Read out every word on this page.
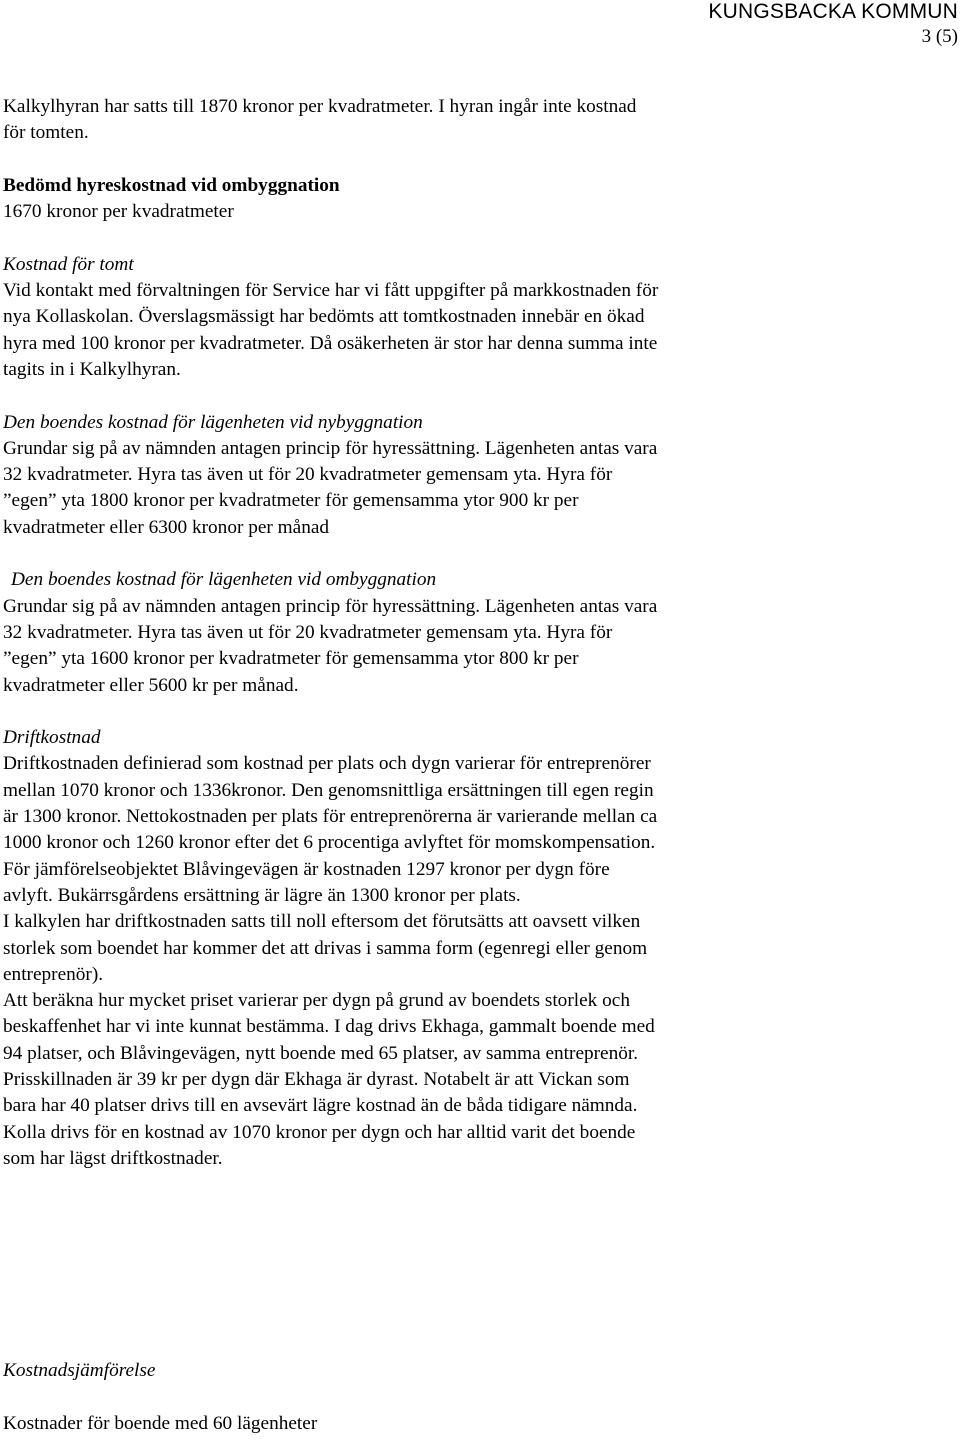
KUNGSBACKA KOMMUN
3 (5)

Kalkylhyran har satts till 1870 kronor per kvadratmeter. I hyran ingår inte kostnad

för tomten.

Bedömd hyreskostnad vid ombyggnation

1670 kronor per kvadratmeter

Kostnad för tomt

Vid kontakt med förvaltningen för Service har vi fått uppgifter på markkostnaden för

nya Kollaskolan. Överslagsmässigt har bedömts att tomtkostnaden innebär en ökad

hyra med 100 kronor per kvadratmeter. Då osäkerheten är stor har denna summa inte

tagits in i Kalkylhyran.

Den boendes kostnad för lägenheten vid nybyggnation

Grundar sig på av nämnden antagen princip för hyressättning. Lägenheten antas vara

32 kvadratmeter. Hyra tas även ut för 20 kvadratmeter gemensam yta. Hyra för

”egen” yta 1800 kronor per kvadratmeter för gemensamma ytor 900 kr per

kvadratmeter eller 6300 kronor per månad

Den boendes kostnad för lägenheten vid ombyggnation

Grundar sig på av nämnden antagen princip för hyressättning. Lägenheten antas vara

32 kvadratmeter. Hyra tas även ut för 20 kvadratmeter gemensam yta. Hyra för

”egen” yta 1600 kronor per kvadratmeter för gemensamma ytor 800 kr per

kvadratmeter eller 5600 kr per månad.

Driftkostnad

Driftkostnaden definierad som kostnad per plats och dygn varierar för entreprenörer

mellan 1070 kronor och 1336kronor. Den genomsnittliga ersättningen till egen regin

är 1300 kronor. Nettokostnaden per plats för entreprenörerna är varierande mellan ca

1000 kronor och 1260 kronor efter det 6 procentiga avlyftet för momskompensation.

För jämförelseobjektet Blåvingevägen är kostnaden 1297 kronor per dygn före

avlyft. Bukärrsgårdens ersättning är lägre än 1300 kronor per plats.

I kalkylen har driftkostnaden satts till noll eftersom det förutsätts att oavsett vilken

storlek som boendet har kommer det att drivas i samma form (egenregi eller genom

entreprenör).

Att beräkna hur mycket priset varierar per dygn på grund av boendets storlek och

beskaffenhet har vi inte kunnat bestämma. I dag drivs Ekhaga, gammalt boende med

94 platser, och Blåvingevägen, nytt boende med 65 platser, av samma entreprenör.

Prisskillnaden är 39 kr per dygn där Ekhaga är dyrast. Notabelt är att Vickan som

bara har 40 platser drivs till en avsevärt lägre kostnad än de båda tidigare nämnda.

Kolla drivs för en kostnad av 1070 kronor per dygn och har alltid varit det boende

som har lägst driftkostnader.

Kostnadsjämförelse

Kostnader för boende med 60 lägenheter
